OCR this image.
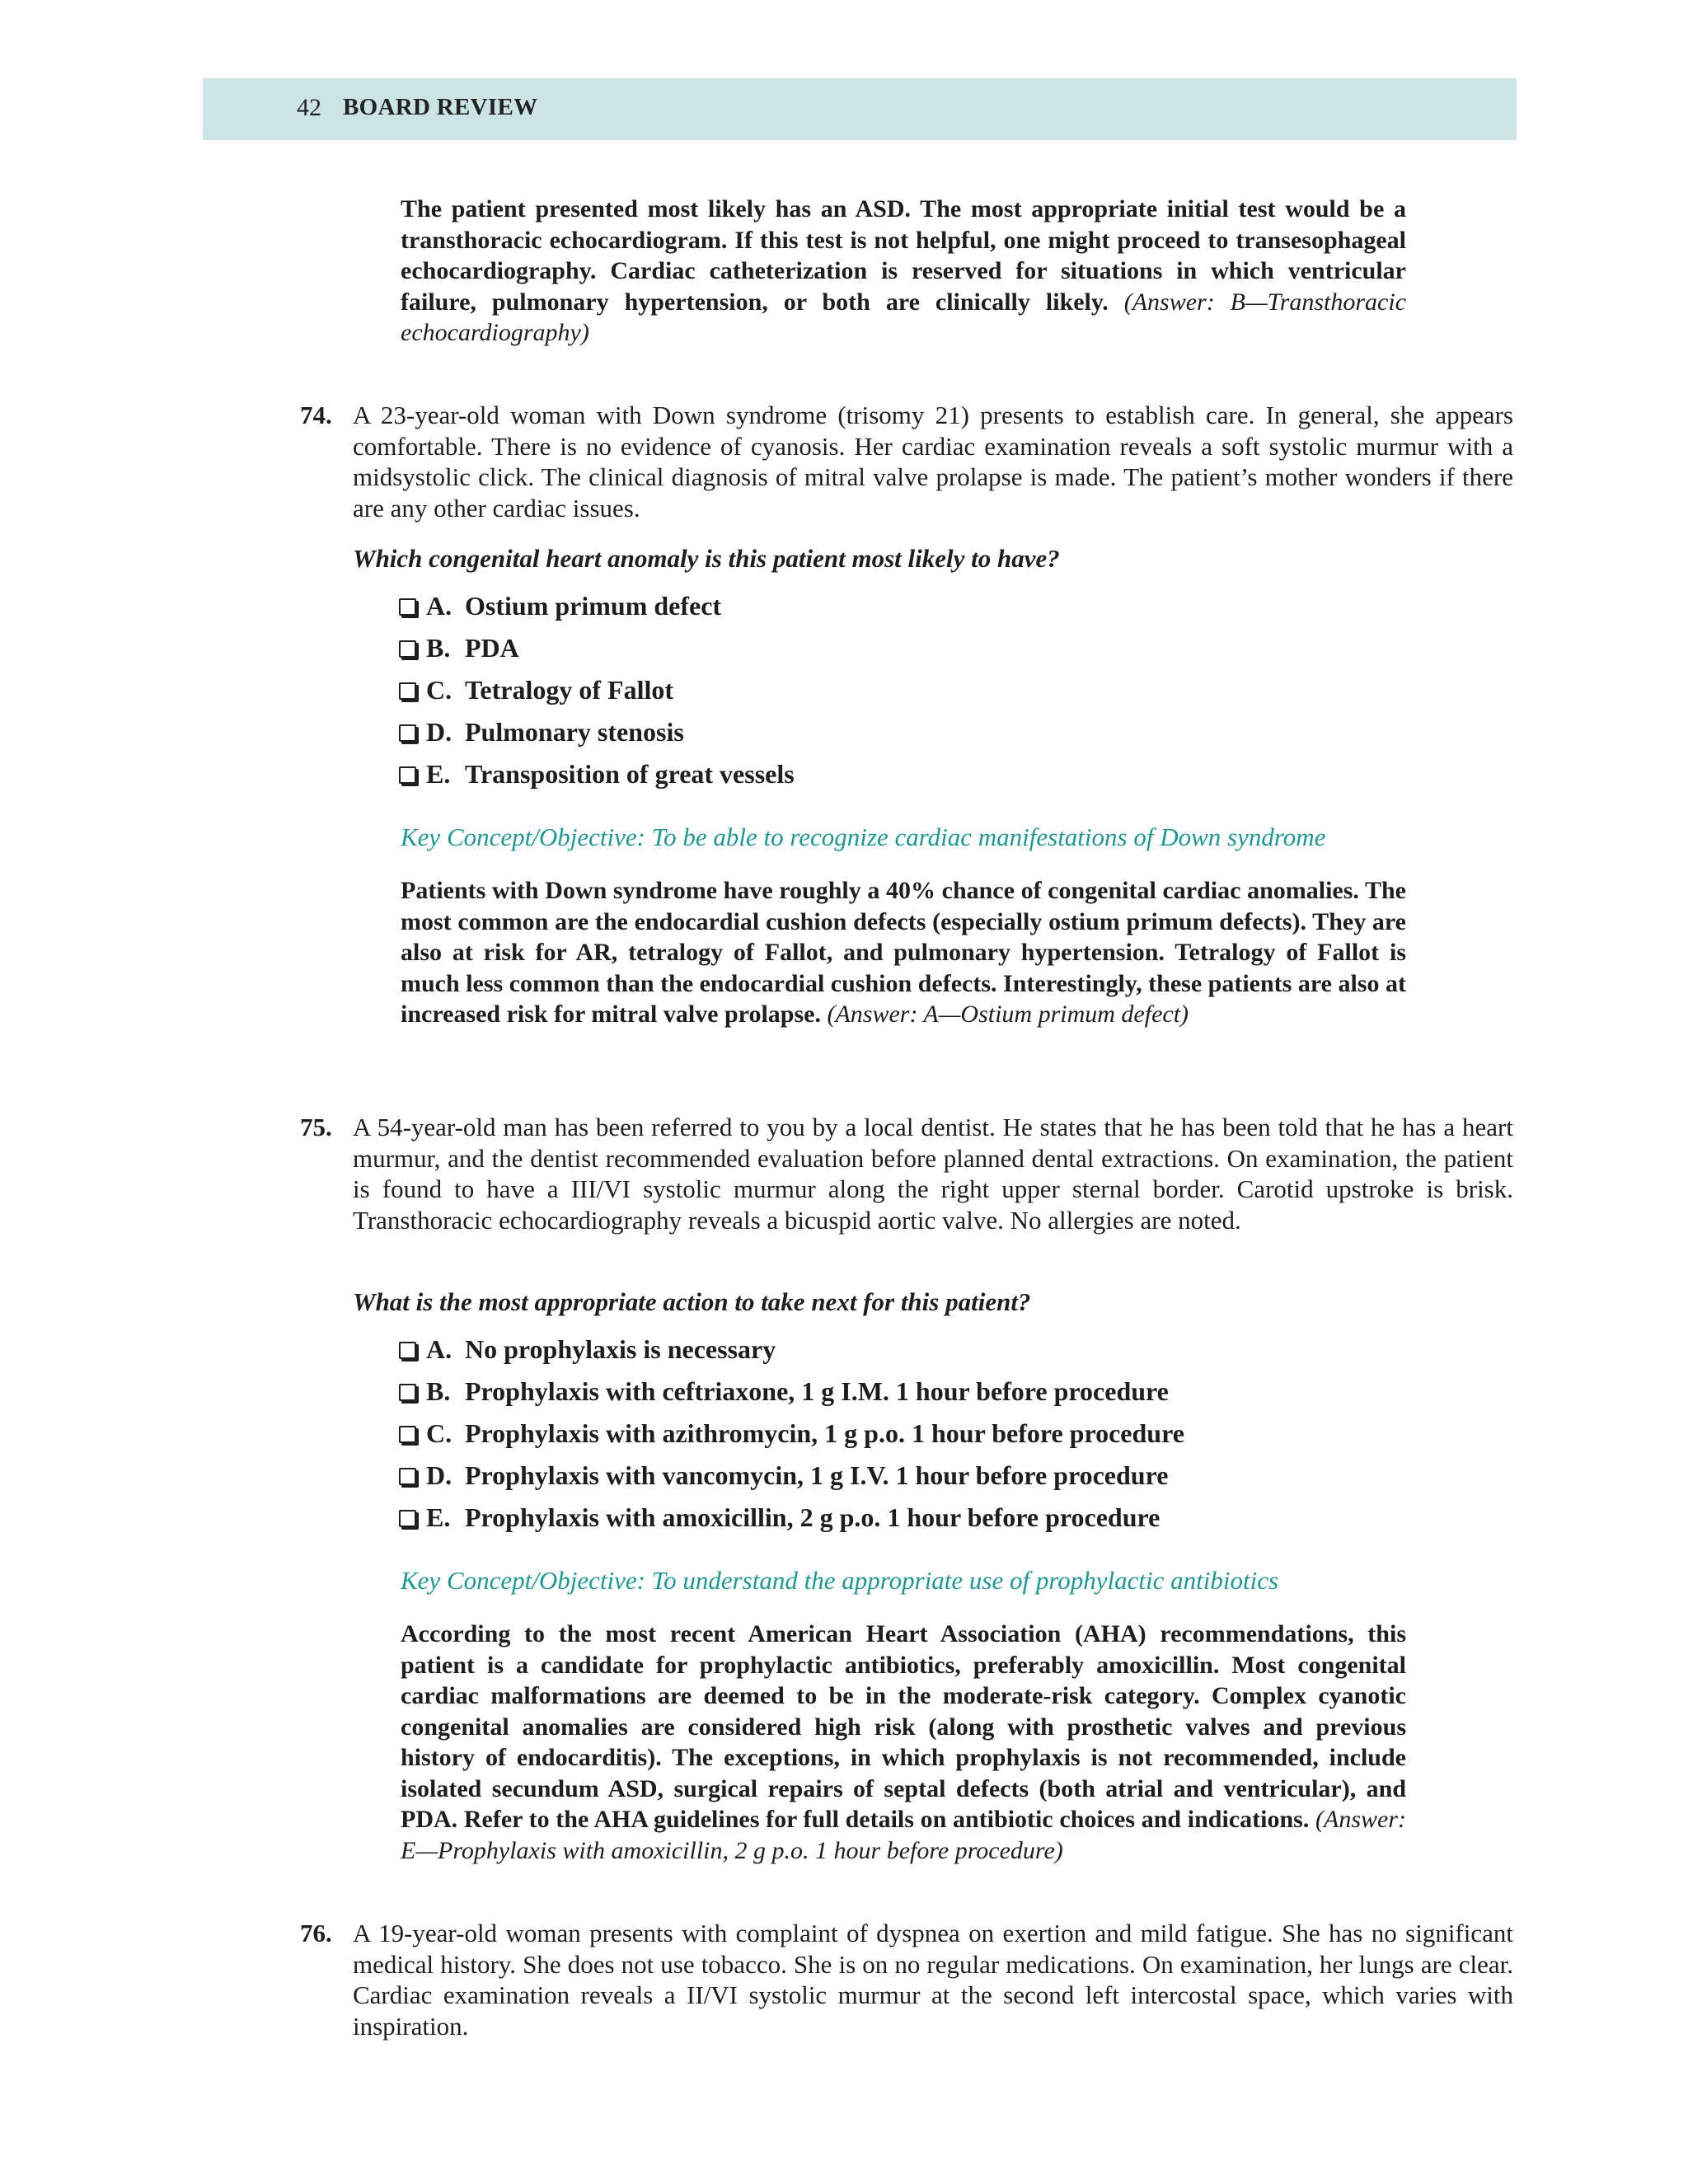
42 BOARD REVIEW

The patient presented most likely has an ASD. The most appropriate initial test would be a transthoracic echocardiogram. If this test is not helpful, one might proceed to transesophageal echocardiography. Cardiac catheterization is reserved for situations in which ventricular failure, pulmonary hypertension, or both are clinically likely. (Answer: B—Transthoracic echocardiography)

74. A 23-year-old woman with Down syndrome (trisomy 21) presents to establish care. In general, she appears comfortable. There is no evidence of cyanosis. Her cardiac examination reveals a soft systolic murmur with a midsystolic click. The clinical diagnosis of mitral valve prolapse is made. The patient’s mother wonders if there are any other cardiac issues.

Which congenital heart anomaly is this patient most likely to have?
A. Ostium primum defect
B. PDA
C. Tetralogy of Fallot
D. Pulmonary stenosis
E. Transposition of great vessels
Key Concept/Objective: To be able to recognize cardiac manifestations of Down syndrome

Patients with Down syndrome have roughly a 40% chance of congenital cardiac anomalies. The most common are the endocardial cushion defects (especially ostium primum defects). They are also at risk for AR, tetralogy of Fallot, and pulmonary hypertension. Tetralogy of Fallot is much less common than the endocardial cushion defects. Interestingly, these patients are also at increased risk for mitral valve prolapse. (Answer: A—Ostium primum defect)

75. A 54-year-old man has been referred to you by a local dentist. He states that he has been told that he has a heart murmur, and the dentist recommended evaluation before planned dental extractions. On examination, the patient is found to have a III/VI systolic murmur along the right upper sternal border. Carotid upstroke is brisk. Transthoracic echocardiography reveals a bicuspid aortic valve. No allergies are noted.

What is the most appropriate action to take next for this patient?
A. No prophylaxis is necessary
B. Prophylaxis with ceftriaxone, 1 g I.M. 1 hour before procedure
C. Prophylaxis with azithromycin, 1 g p.o. 1 hour before procedure
D. Prophylaxis with vancomycin, 1 g I.V. 1 hour before procedure
E. Prophylaxis with amoxicillin, 2 g p.o. 1 hour before procedure
Key Concept/Objective: To understand the appropriate use of prophylactic antibiotics

According to the most recent American Heart Association (AHA) recommendations, this patient is a candidate for prophylactic antibiotics, preferably amoxicillin. Most congenital cardiac malformations are deemed to be in the moderate-risk category. Complex cyanotic congenital anomalies are considered high risk (along with prosthetic valves and previous history of endocarditis). The exceptions, in which prophylaxis is not recommended, include isolated secundum ASD, surgical repairs of septal defects (both atrial and ventricular), and PDA. Refer to the AHA guidelines for full details on antibiotic choices and indications. (Answer: E—Prophylaxis with amoxicillin, 2 g p.o. 1 hour before procedure)

76. A 19-year-old woman presents with complaint of dyspnea on exertion and mild fatigue. She has no significant medical history. She does not use tobacco. She is on no regular medications. On examination, her lungs are clear. Cardiac examination reveals a II/VI systolic murmur at the second left intercostal space, which varies with inspiration.
